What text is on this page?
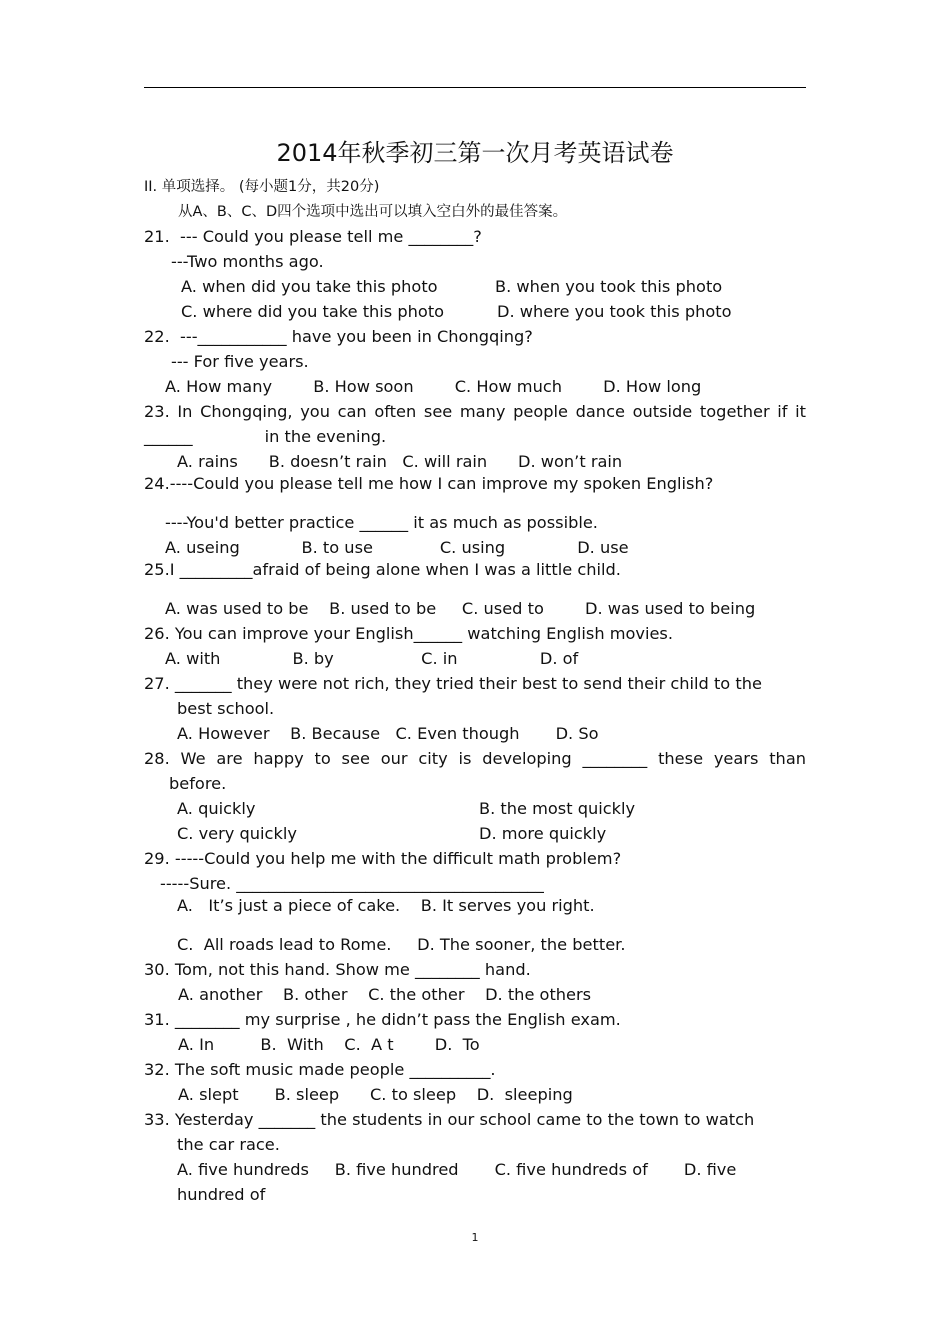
2014年秋季初三第一次月考英语试卷
II. 单项选择。 (每小题1分，共20分)
从A、B、C、D四个选项中选出可以填入空白外的最佳答案。
21.  --- Could you please tell me ________?
---Two months ago.
A. when did you take this photo	B. when you took this photo
C. where did you take this photo	D. where you took this photo
22.  ---___________ have you been in Chongqing?
--- For five years.
A. How many        B. How soon        C. How much        D. How long
23. In Chongqing, you can often see many people dance outside together if it
______              in the evening.
A. rains      B. doesn’t rain   C. will rain      D. won’t rain
24.----Could you please tell me how I can improve my spoken English?
----You'd better practice ______ it as much as possible.
A. useing            B. to use             C. using              D. use
25.I _________afraid of being alone when I was a little child.
A. was used to be    B. used to be     C. used to        D. was used to being
26. You can improve your English______ watching English movies.
A. with              B. by                 C. in                D. of
27. _______ they were not rich, they tried their best to send their child to the
best school.
A. However    B. Because   C. Even though       D. So
28. We are happy to see our city is developing ________ these years than
before.
A. quickly	B. the most quickly
C. very quickly	D. more quickly
29. -----Could you help me with the difficult math problem?
-----Sure. ______________________________________
A.   It’s just a piece of cake.    B. It serves you right.
C.  All roads lead to Rome.     D. The sooner, the better.
30. Tom, not this hand. Show me ________ hand.
A. another    B. other    C. the other    D. the others
31. ________ my surprise , he didn’t pass the English exam.
A. In         B.  With    C.  A t        D.  To
32. The soft music made people __________.
A. slept       B. sleep      C. to sleep    D.  sleeping
33. Yesterday _______ the students in our school came to the town to watch
the car race.
A. five hundreds     B. five hundred       C. five hundreds of       D. five
hundred of
1
